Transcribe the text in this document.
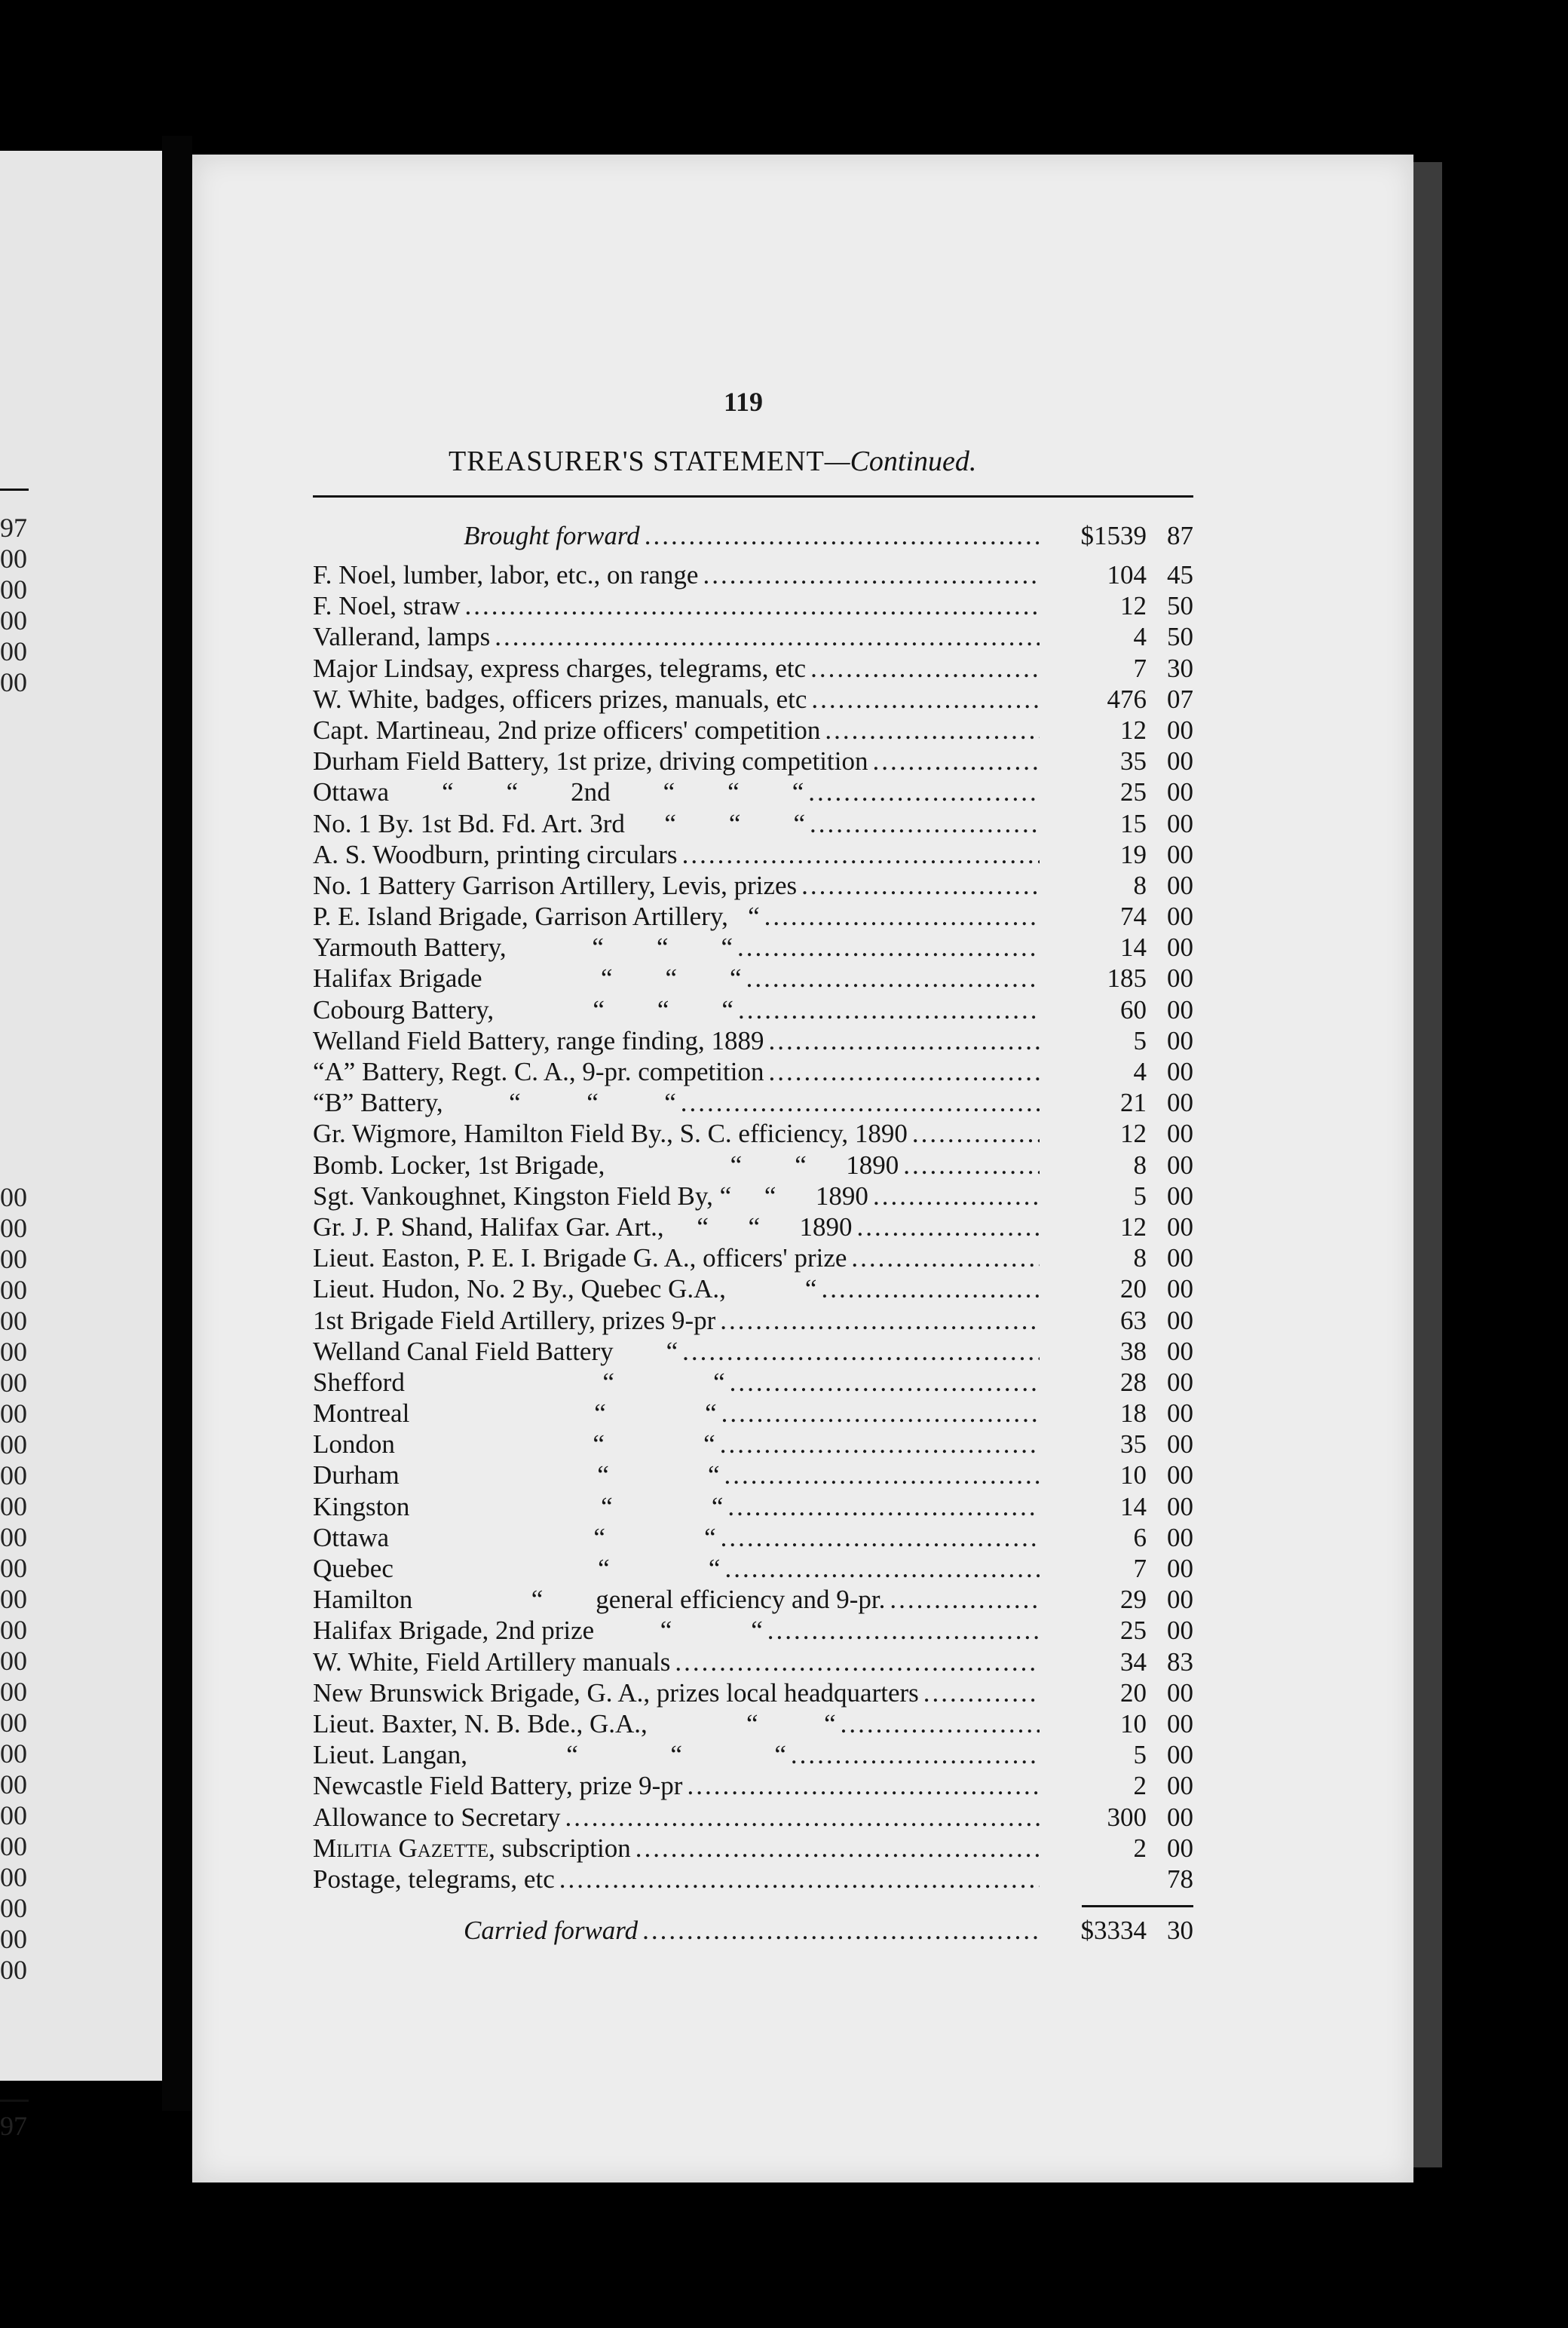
97
00
00
00
00
00
00
00
00
00
00
00
00
00
00
00
00
00
00
00
00
00
00
00
00
00
00
00
00
00
00
00
97
119
TREASURER'S STATEMENT—Continued.
Brought forward .....	$1539 87
F. Noel, lumber, labor, etc., on range .....	104 45
F. Noel, straw .....	12 50
Vallerand, lamps .....	4 50
Major Lindsay, express charges, telegrams, etc .....	7 30
W. White, badges, officers prizes, manuals, etc .....	476 07
Capt. Martineau, 2nd prize officers' competition .....	12 00
Durham Field Battery, 1st prize, driving competition .....	35 00
Ottawa        “        “        2nd        “        “        “ .....	25 00
No. 1 By. 1st Bd. Fd. Art. 3rd      “        “        “ .....	15 00
A. S. Woodburn, printing circulars .....	19 00
No. 1 Battery Garrison Artillery, Levis, prizes .....	8 00
P. E. Island Brigade, Garrison Artillery,   “ .....	74 00
Yarmouth Battery,             “        “        “ .....	14 00
Halifax Brigade                  “        “        “ .....	185 00
Cobourg Battery,               “        “        “ .....	60 00
Welland Field Battery, range finding, 1889 .....	5 00
“A” Battery, Regt. C. A., 9-pr. competition .....	4 00
“B” Battery,          “          “          “ .....	21 00
Gr. Wigmore, Hamilton Field By., S. C. efficiency, 1890 .....	12 00
Bomb. Locker, 1st Brigade,                   “        “      1890 .....	8 00
Sgt. Vankoughnet, Kingston Field By, “     “      1890 .....	5 00
Gr. J. P. Shand, Halifax Gar. Art.,     “      “      1890 .....	12 00
Lieut. Easton, P. E. I. Brigade G. A., officers' prize .....	8 00
Lieut. Hudon, No. 2 By., Quebec G.A.,            “ .....	20 00
1st Brigade Field Artillery, prizes 9-pr .....	63 00
Welland Canal Field Battery        “ .....	38 00
Shefford                              “               “ .....	28 00
Montreal                            “               “ .....	18 00
London                              “               “ .....	35 00
Durham                              “               “ .....	10 00
Kingston                             “               “ .....	14 00
Ottawa                               “               “ .....	6 00
Quebec                               “               “ .....	7 00
Hamilton                  “        general efficiency and 9-pr. .....	29 00
Halifax Brigade, 2nd prize          “            “ .....	25 00
W. White, Field Artillery manuals .....	34 83
New Brunswick Brigade, G. A., prizes local headquarters .....	20 00
Lieut. Baxter, N. B. Bde., G.A.,               “          “ .....	10 00
Lieut. Langan,               “              “              “ .....	5 00
Newcastle Field Battery, prize 9-pr .....	2 00
Allowance to Secretary .....	300 00
Militia Gazette, subscription .....	2 00
Postage, telegrams, etc .....	78
Carried forward .....	$3334 30
